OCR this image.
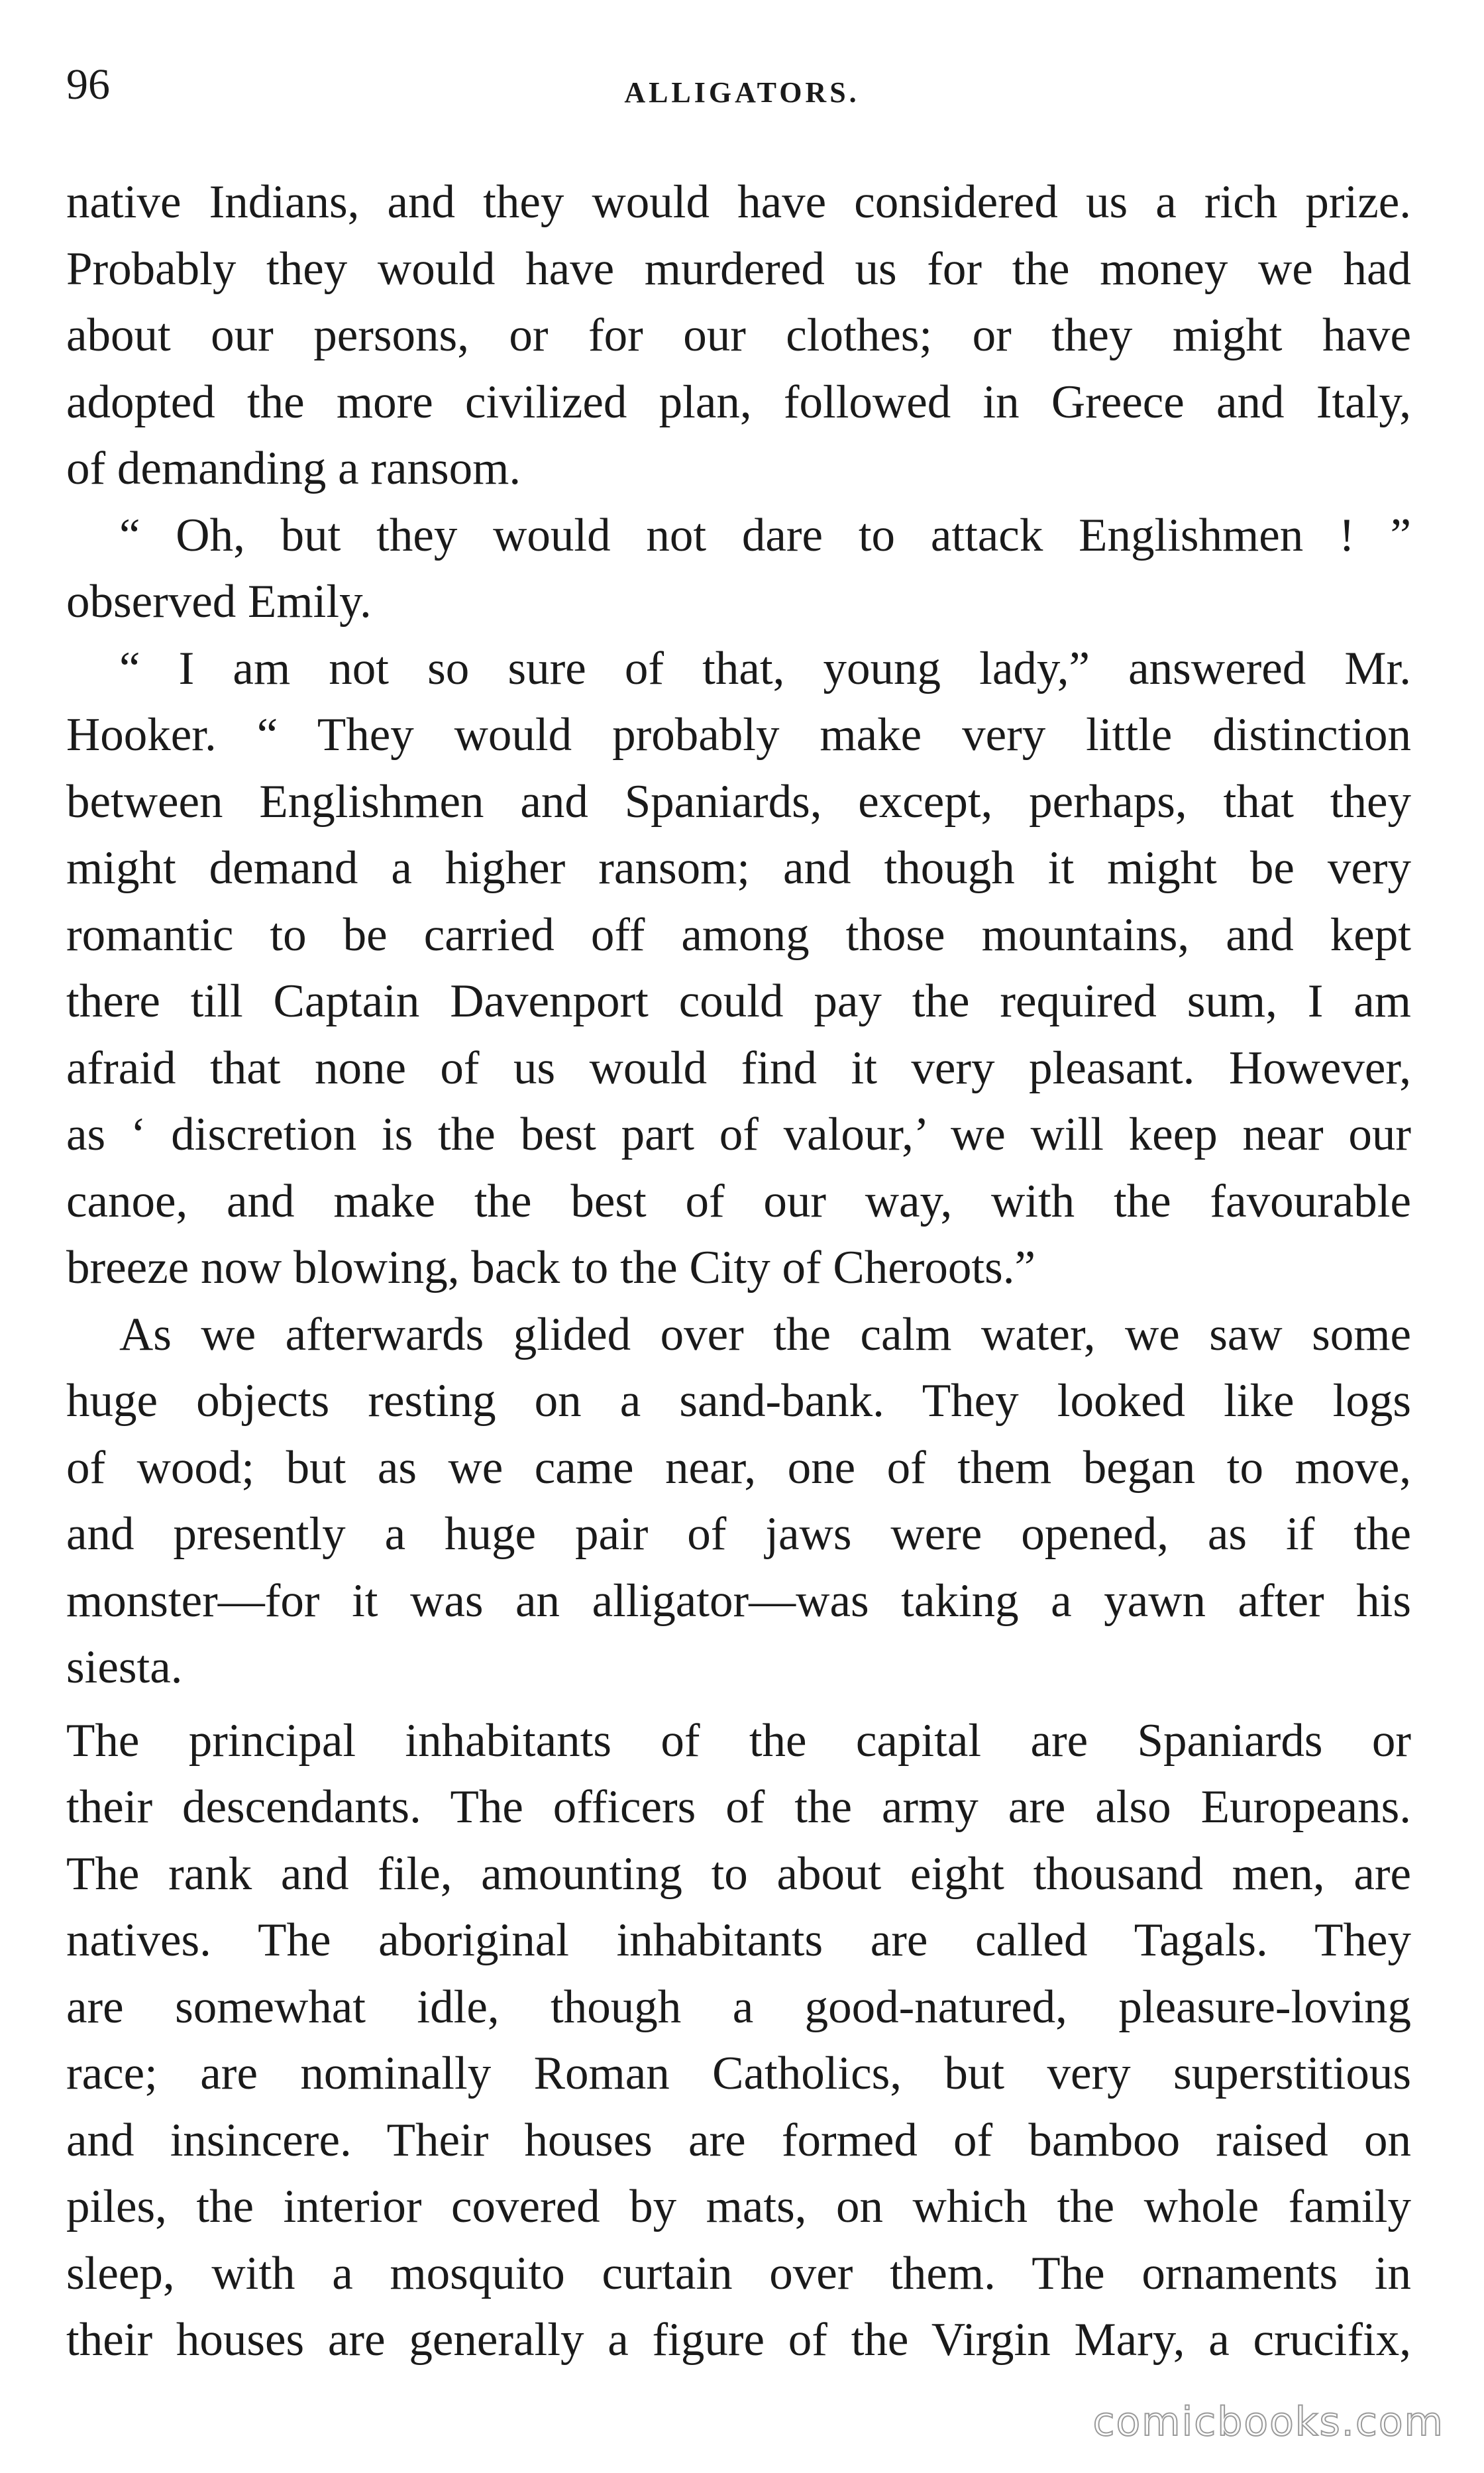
96	ALLIGATORS.
native Indians, and they would have considered us a rich prize.
Probably they would have murdered us for the money we had
about our persons, or for our clothes; or they might have
adopted the more civilized plan, followed in Greece and Italy,
of demanding a ransom.
“ Oh, but they would not dare to attack Englishmen ! ”
observed Emily.
“ I am not so sure of that, young lady,” answered Mr.
Hooker. “ They would probably make very little distinction
between Englishmen and Spaniards, except, perhaps, that they
might demand a higher ransom; and though it might be very
romantic to be carried off among those mountains, and kept
there till Captain Davenport could pay the required sum, I am
afraid that none of us would find it very pleasant. However,
as ‘ discretion is the best part of valour,’ we will keep near our
canoe, and make the best of our way, with the favourable
breeze now blowing, back to the City of Cheroots.”
As we afterwards glided over the calm water, we saw some
huge objects resting on a sand-bank. They looked like logs
of wood; but as we came near, one of them began to move,
and presently a huge pair of jaws were opened, as if the
monster—for it was an alligator—was taking a yawn after his
siesta.
The principal inhabitants of the capital are Spaniards or
their descendants. The officers of the army are also Europeans.
The rank and file, amounting to about eight thousand men, are
natives. The aboriginal inhabitants are called Tagals. They
are somewhat idle, though a good-natured, pleasure-loving
race; are nominally Roman Catholics, but very superstitious
and insincere. Their houses are formed of bamboo raised on
piles, the interior covered by mats, on which the whole family
sleep, with a mosquito curtain over them. The ornaments in
their houses are generally a figure of the Virgin Mary, a crucifix,
comicbooks.com
